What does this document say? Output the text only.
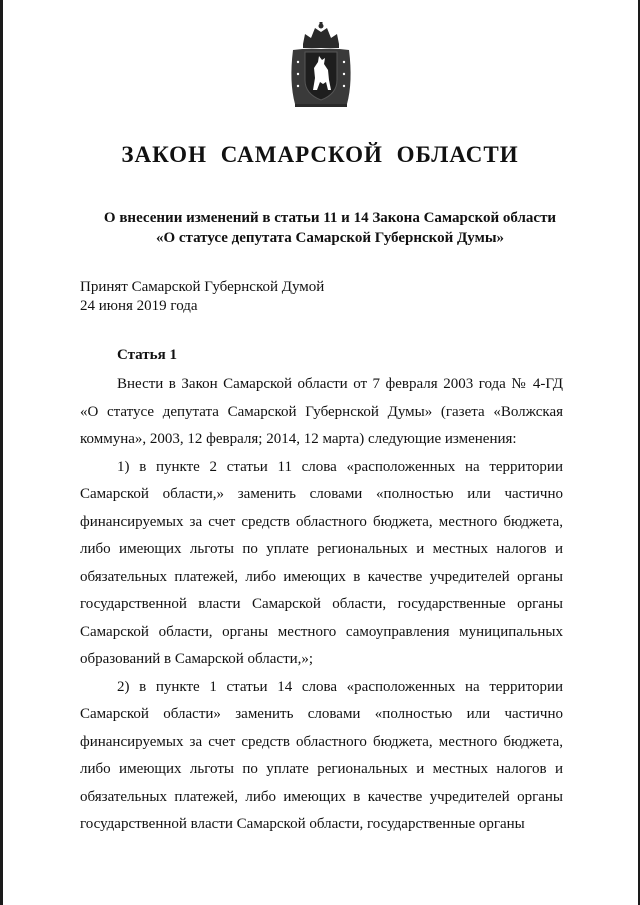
ЗАКОН САМАРСКОЙ ОБЛАСТИ
О внесении изменений в статьи 11 и 14 Закона Самарской области
«О статусе депутата Самарской Губернской Думы»
Принят Самарской Губернской Думой
24 июня 2019 года
Статья 1

Внести в Закон Самарской области от 7 февраля 2003 года № 4-ГД «О статусе депутата Самарской Губернской Думы» (газета «Волжская коммуна», 2003, 12 февраля; 2014, 12 марта) следующие изменения:

1) в пункте 2 статьи 11 слова «расположенных на территории Самарской области,» заменить словами «полностью или частично финансируемых за счет средств областного бюджета, местного бюджета, либо имеющих льготы по уплате региональных и местных налогов и обязательных платежей, либо имеющих в качестве учредителей органы государственной власти Самарской области, государственные органы Самарской области, органы местного самоуправления муниципальных образований в Самарской области,»;

2) в пункте 1 статьи 14 слова «расположенных на территории Самарской области» заменить словами «полностью или частично финансируемых за счет средств областного бюджета, местного бюджета, либо имеющих льготы по уплате региональных и местных налогов и обязательных платежей, либо имеющих в качестве учредителей органы государственной власти Самарской области, государственные органы
